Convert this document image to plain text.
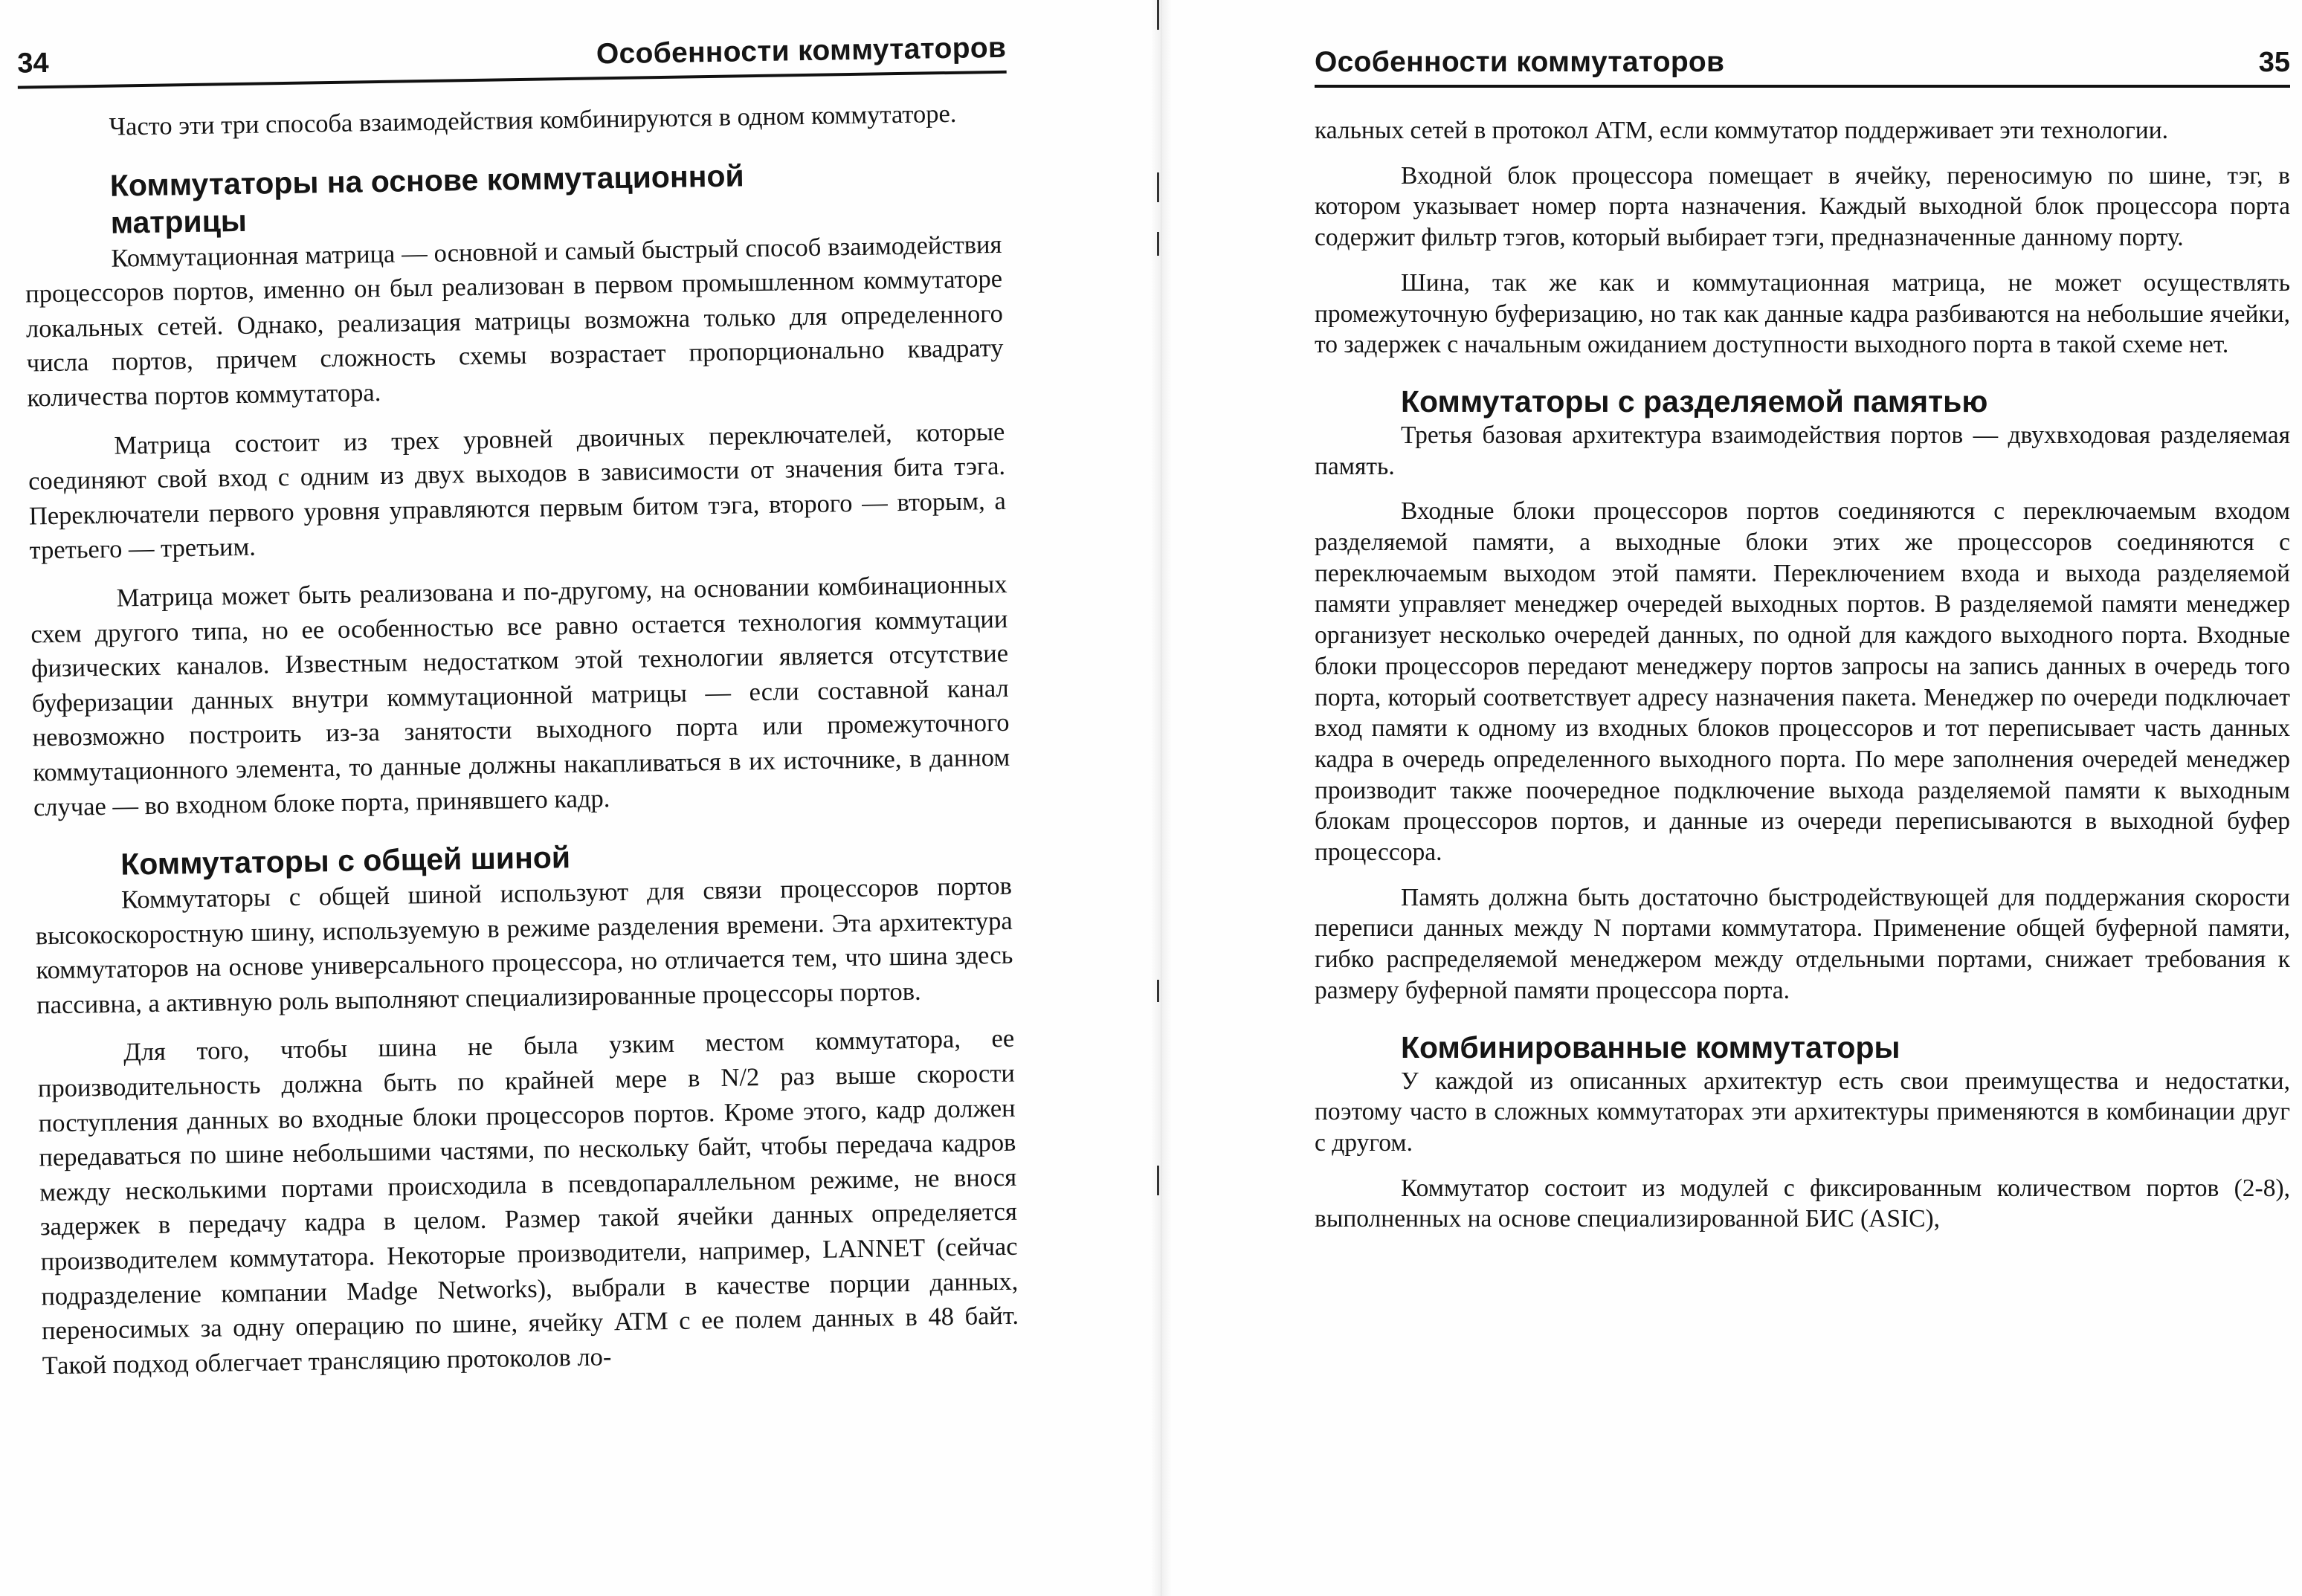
34	Особенности коммутаторов

Часто эти три способа взаимодействия комбинируются в одном коммутаторе.

Коммутаторы на основе коммутационной матрицы

Коммутационная матрица — основной и самый быстрый способ взаимодействия процессоров портов, именно он был реализован в первом промышленном коммутаторе локальных сетей. Однако, реализация матрицы возможна только для определенного числа портов, причем сложность схемы возрастает пропорционально квадрату количества портов коммутатора.

Матрица состоит из трех уровней двоичных переключателей, которые соединяют свой вход с одним из двух выходов в зависимости от значения бита тэга. Переключатели первого уровня управляются первым битом тэга, второго — вторым, а третьего — третьим.

Матрица может быть реализована и по-другому, на основании комбинационных схем другого типа, но ее особенностью все равно остается технология коммутации физических каналов. Известным недостатком этой технологии является отсутствие буферизации данных внутри коммутационной матрицы — если составной канал невозможно построить из-за занятости выходного порта или промежуточного коммутационного элемента, то данные должны накапливаться в их источнике, в данном случае — во входном блоке порта, принявшего кадр.

Коммутаторы с общей шиной

Коммутаторы с общей шиной используют для связи процессоров портов высокоскоростную шину, используемую в режиме разделения времени. Эта архитектура коммутаторов на основе универсального процессора, но отличается тем, что шина здесь пассивна, а активную роль выполняют специализированные процессоры портов.

Для того, чтобы шина не была узким местом коммутатора, ее производительность должна быть по крайней мере в N/2 раз выше скорости поступления данных во входные блоки процессоров портов. Кроме этого, кадр должен передаваться по шине небольшими частями, по нескольку байт, чтобы передача кадров между несколькими портами происходила в псевдопараллельном режиме, не внося задержек в передачу кадра в целом. Размер такой ячейки данных определяется производителем коммутатора. Некоторые производители, например, LANNET (сейчас подразделение компании Madge Networks), выбрали в качестве порции данных, переносимых за одну операцию по шине, ячейку ATM с ее полем данных в 48 байт. Такой подход облегчает трансляцию протоколов ло-

Особенности коммутаторов	35

кальных сетей в протокол ATM, если коммутатор поддерживает эти технологии.

Входной блок процессора помещает в ячейку, переносимую по шине, тэг, в котором указывает номер порта назначения. Каждый выходной блок процессора порта содержит фильтр тэгов, который выбирает тэги, предназначенные данному порту.

Шина, так же как и коммутационная матрица, не может осуществлять промежуточную буферизацию, но так как данные кадра разбиваются на небольшие ячейки, то задержек с начальным ожиданием доступности выходного порта в такой схеме нет.

Коммутаторы с разделяемой памятью

Третья базовая архитектура взаимодействия портов — двухвходовая разделяемая память.

Входные блоки процессоров портов соединяются с переключаемым входом разделяемой памяти, а выходные блоки этих же процессоров соединяются с переключаемым выходом этой памяти. Переключением входа и выхода разделяемой памяти управляет менеджер очередей выходных портов. В разделяемой памяти менеджер организует несколько очередей данных, по одной для каждого выходного порта. Входные блоки процессоров передают менеджеру портов запросы на запись данных в очередь того порта, который соответствует адресу назначения пакета. Менеджер по очереди подключает вход памяти к одному из входных блоков процессоров и тот переписывает часть данных кадра в очередь определенного выходного порта. По мере заполнения очередей менеджер производит также поочередное подключение выхода разделяемой памяти к выходным блокам процессоров портов, и данные из очереди переписываются в выходной буфер процессора.

Память должна быть достаточно быстродействующей для поддержания скорости переписи данных между N портами коммутатора. Применение общей буферной памяти, гибко распределяемой менеджером между отдельными портами, снижает требования к размеру буферной памяти процессора порта.

Комбинированные коммутаторы

У каждой из описанных архитектур есть свои преимущества и недостатки, поэтому часто в сложных коммутаторах эти архитектуры применяются в комбинации друг с другом.

Коммутатор состоит из модулей с фиксированным количеством портов (2-8), выполненных на основе специализированной БИС (ASIC),
